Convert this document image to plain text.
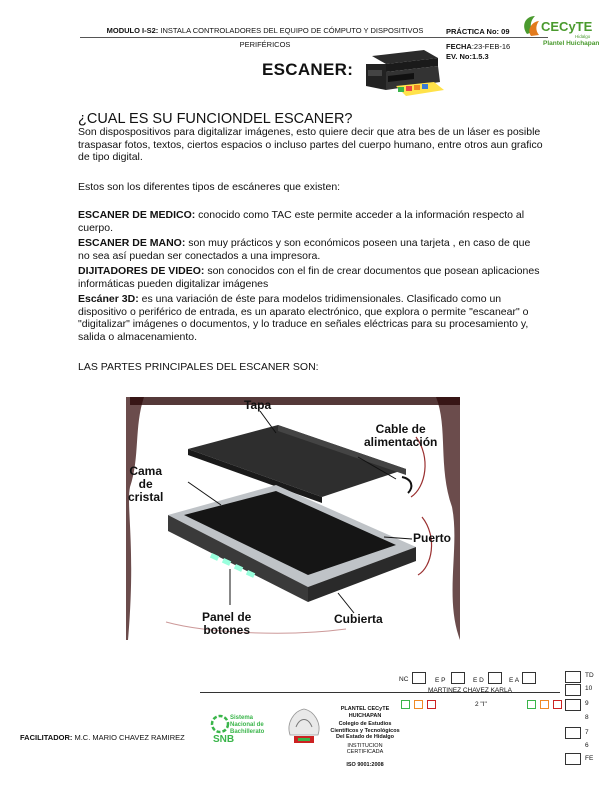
MODULO I-S2: INSTALA CONTROLADORES DEL EQUIPO DE CÓMPUTO Y DISPOSITIVOS
PERIFÉRICOS
PRÁCTICA No: 09
FECHA:23-FEB-16
EV. No:1.5.3
CECyTE
Hidalgo
Plantel Huichapan
ESCANER:
¿CUAL ES SU FUNCIONDEL ESCANER?
Son dispospositivos para digitalizar imágenes, esto quiere decir que atra bes de un láser es posible traspasar fotos, textos, ciertos espacios o incluso partes del cuerpo humano, entre otros aun grafico de tipo digital.
Estos son los diferentes tipos de escáneres que existen:
ESCANER DE MEDICO: conocido como TAC este permite acceder a la información respecto al cuerpo.
ESCANER DE MANO: son muy prácticos y son económicos poseen una tarjeta , en caso de que no sea así puedan ser conectados a una impresora.
DIJITADORES DE VIDEO: son conocidos con el fin de crear documentos que posean aplicaciones informáticas pueden digitalizar imágenes
Escáner 3D: es una variación de éste para modelos tridimensionales. Clasificado como un dispositivo o periférico de entrada, es un aparato electrónico, que explora o permite "escanear" o "digitalizar" imágenes o documentos, y lo traduce en señales eléctricas para su procesamiento y, salida o almacenamiento.
LAS PARTES PRINCIPALES DEL ESCANER SON:
Tapa
Cable de
alimentación
Cama
de
cristal
Puerto
Panel de
botones
Cubierta
NC	E P	E D	E A
MARTINEZ CHAVEZ KARLA
2 "I"
TD
10
9
8
7
6
FE
FACILITADOR: M.C. MARIO CHAVEZ RAMIREZ
Sistema Nacional de Bachillerato
SNB
PLANTEL CECyTE HUICHAPAN
Colegio de Estudios Científicos y Tecnológicos Del Estado de Hidalgo
INSTITUCION CERTIFICADA
ISO 9001:2008
